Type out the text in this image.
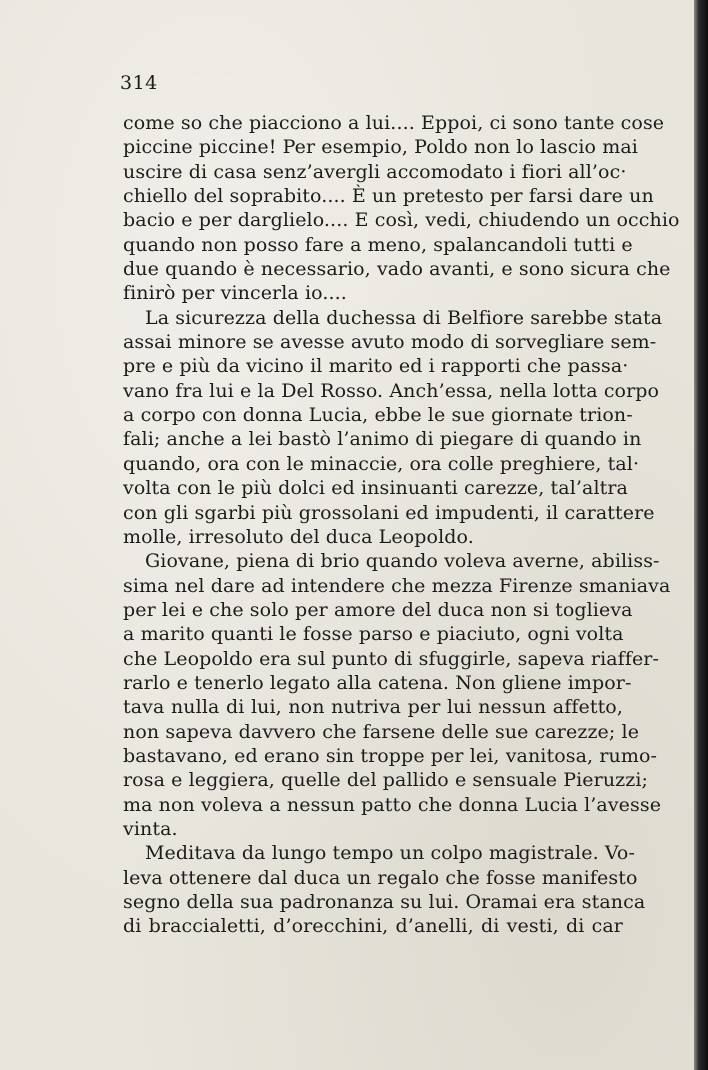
314
come so che piacciono a lui.... Eppoi, ci sono tante cose
piccine piccine! Per esempio, Poldo non lo lascio mai
uscire di casa senz’avergli accomodato i fiori all’oc·
chiello del soprabito.... È un pretesto per farsi dare un
bacio e per darglielo.... E così, vedi, chiudendo un occhio
quando non posso fare a meno, spalancandoli tutti e
due quando è necessario, vado avanti, e sono sicura che
finirò per vincerla io....
La sicurezza della duchessa di Belfiore sarebbe stata
assai minore se avesse avuto modo di sorvegliare sem-
pre e più da vicino il marito ed i rapporti che passa·
vano fra lui e la Del Rosso. Anch’essa, nella lotta corpo
a corpo con donna Lucia, ebbe le sue giornate trion-
fali; anche a lei bastò l’animo di piegare di quando in
quando, ora con le minaccie, ora colle preghiere, tal·
volta con le più dolci ed insinuanti carezze, tal’altra
con gli sgarbi più grossolani ed impudenti, il carattere
molle, irresoluto del duca Leopoldo.
Giovane, piena di brio quando voleva averne, abiliss-
sima nel dare ad intendere che mezza Firenze smaniava
per lei e che solo per amore del duca non si toglieva
a marito quanti le fosse parso e piaciuto, ogni volta
che Leopoldo era sul punto di sfuggirle, sapeva riaffer-
rarlo e tenerlo legato alla catena. Non gliene impor-
tava nulla di lui, non nutriva per lui nessun affetto,
non sapeva davvero che farsene delle sue carezze; le
bastavano, ed erano sin troppe per lei, vanitosa, rumo-
rosa e leggiera, quelle del pallido e sensuale Pieruzzi;
ma non voleva a nessun patto che donna Lucia l’avesse
vinta.
Meditava da lungo tempo un colpo magistrale. Vo-
leva ottenere dal duca un regalo che fosse manifesto
segno della sua padronanza su lui. Oramai era stanca
di braccialetti, d’orecchini, d’anelli, di vesti, di car
